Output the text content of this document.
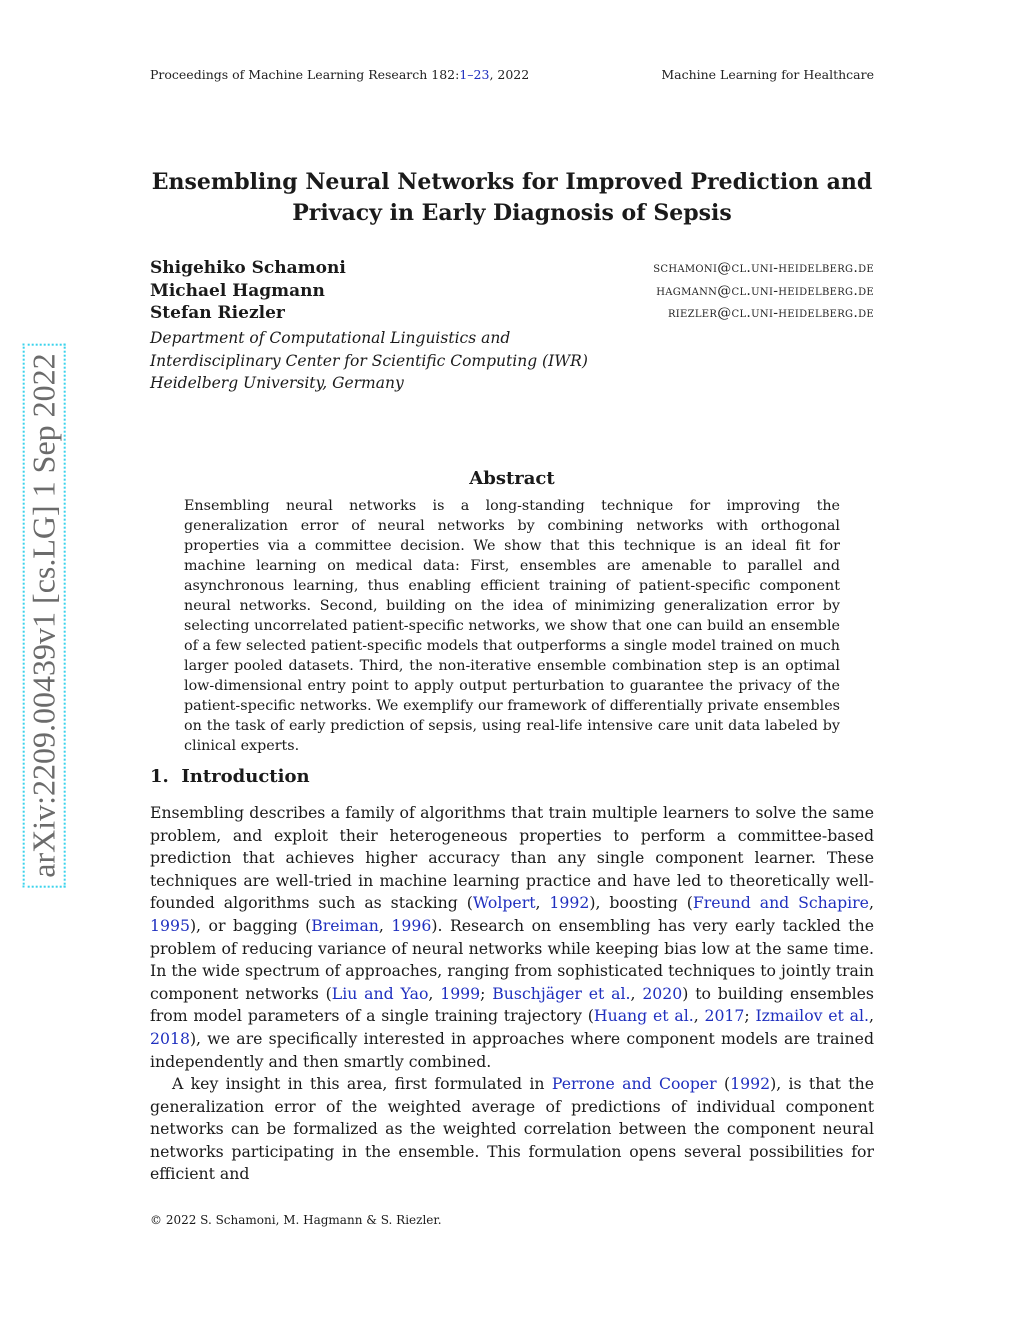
Proceedings of Machine Learning Research 182:1–23, 2022	Machine Learning for Healthcare
arXiv:2209.00439v1 [cs.LG] 1 Sep 2022
Ensembling Neural Networks for Improved Prediction and
Privacy in Early Diagnosis of Sepsis
Shigehiko Schamoni	schamoni@cl.uni-heidelberg.de
Michael Hagmann	hagmann@cl.uni-heidelberg.de
Stefan Riezler	riezler@cl.uni-heidelberg.de
Department of Computational Linguistics and
Interdisciplinary Center for Scientific Computing (IWR)
Heidelberg University, Germany
Abstract

Ensembling neural networks is a long-standing technique for improving the generalization error of neural networks by combining networks with orthogonal properties via a committee decision. We show that this technique is an ideal fit for machine learning on medical data: First, ensembles are amenable to parallel and asynchronous learning, thus enabling efficient training of patient-specific component neural networks. Second, building on the idea of minimizing generalization error by selecting uncorrelated patient-specific networks, we show that one can build an ensemble of a few selected patient-specific models that outperforms a single model trained on much larger pooled datasets. Third, the non-iterative ensemble combination step is an optimal low-dimensional entry point to apply output perturbation to guarantee the privacy of the patient-specific networks. We exemplify our framework of differentially private ensembles on the task of early prediction of sepsis, using real-life intensive care unit data labeled by clinical experts.

1. Introduction

Ensembling describes a family of algorithms that train multiple learners to solve the same problem, and exploit their heterogeneous properties to perform a committee-based prediction that achieves higher accuracy than any single component learner. These techniques are well-tried in machine learning practice and have led to theoretically well-founded algorithms such as stacking (Wolpert, 1992), boosting (Freund and Schapire, 1995), or bagging (Breiman, 1996). Research on ensembling has very early tackled the problem of reducing variance of neural networks while keeping bias low at the same time. In the wide spectrum of approaches, ranging from sophisticated techniques to jointly train component networks (Liu and Yao, 1999; Buschjäger et al., 2020) to building ensembles from model parameters of a single training trajectory (Huang et al., 2017; Izmailov et al., 2018), we are specifically interested in approaches where component models are trained independently and then smartly combined.

A key insight in this area, first formulated in Perrone and Cooper (1992), is that the generalization error of the weighted average of predictions of individual component networks can be formalized as the weighted correlation between the component neural networks participating in the ensemble. This formulation opens several possibilities for efficient and

© 2022 S. Schamoni, M. Hagmann & S. Riezler.
